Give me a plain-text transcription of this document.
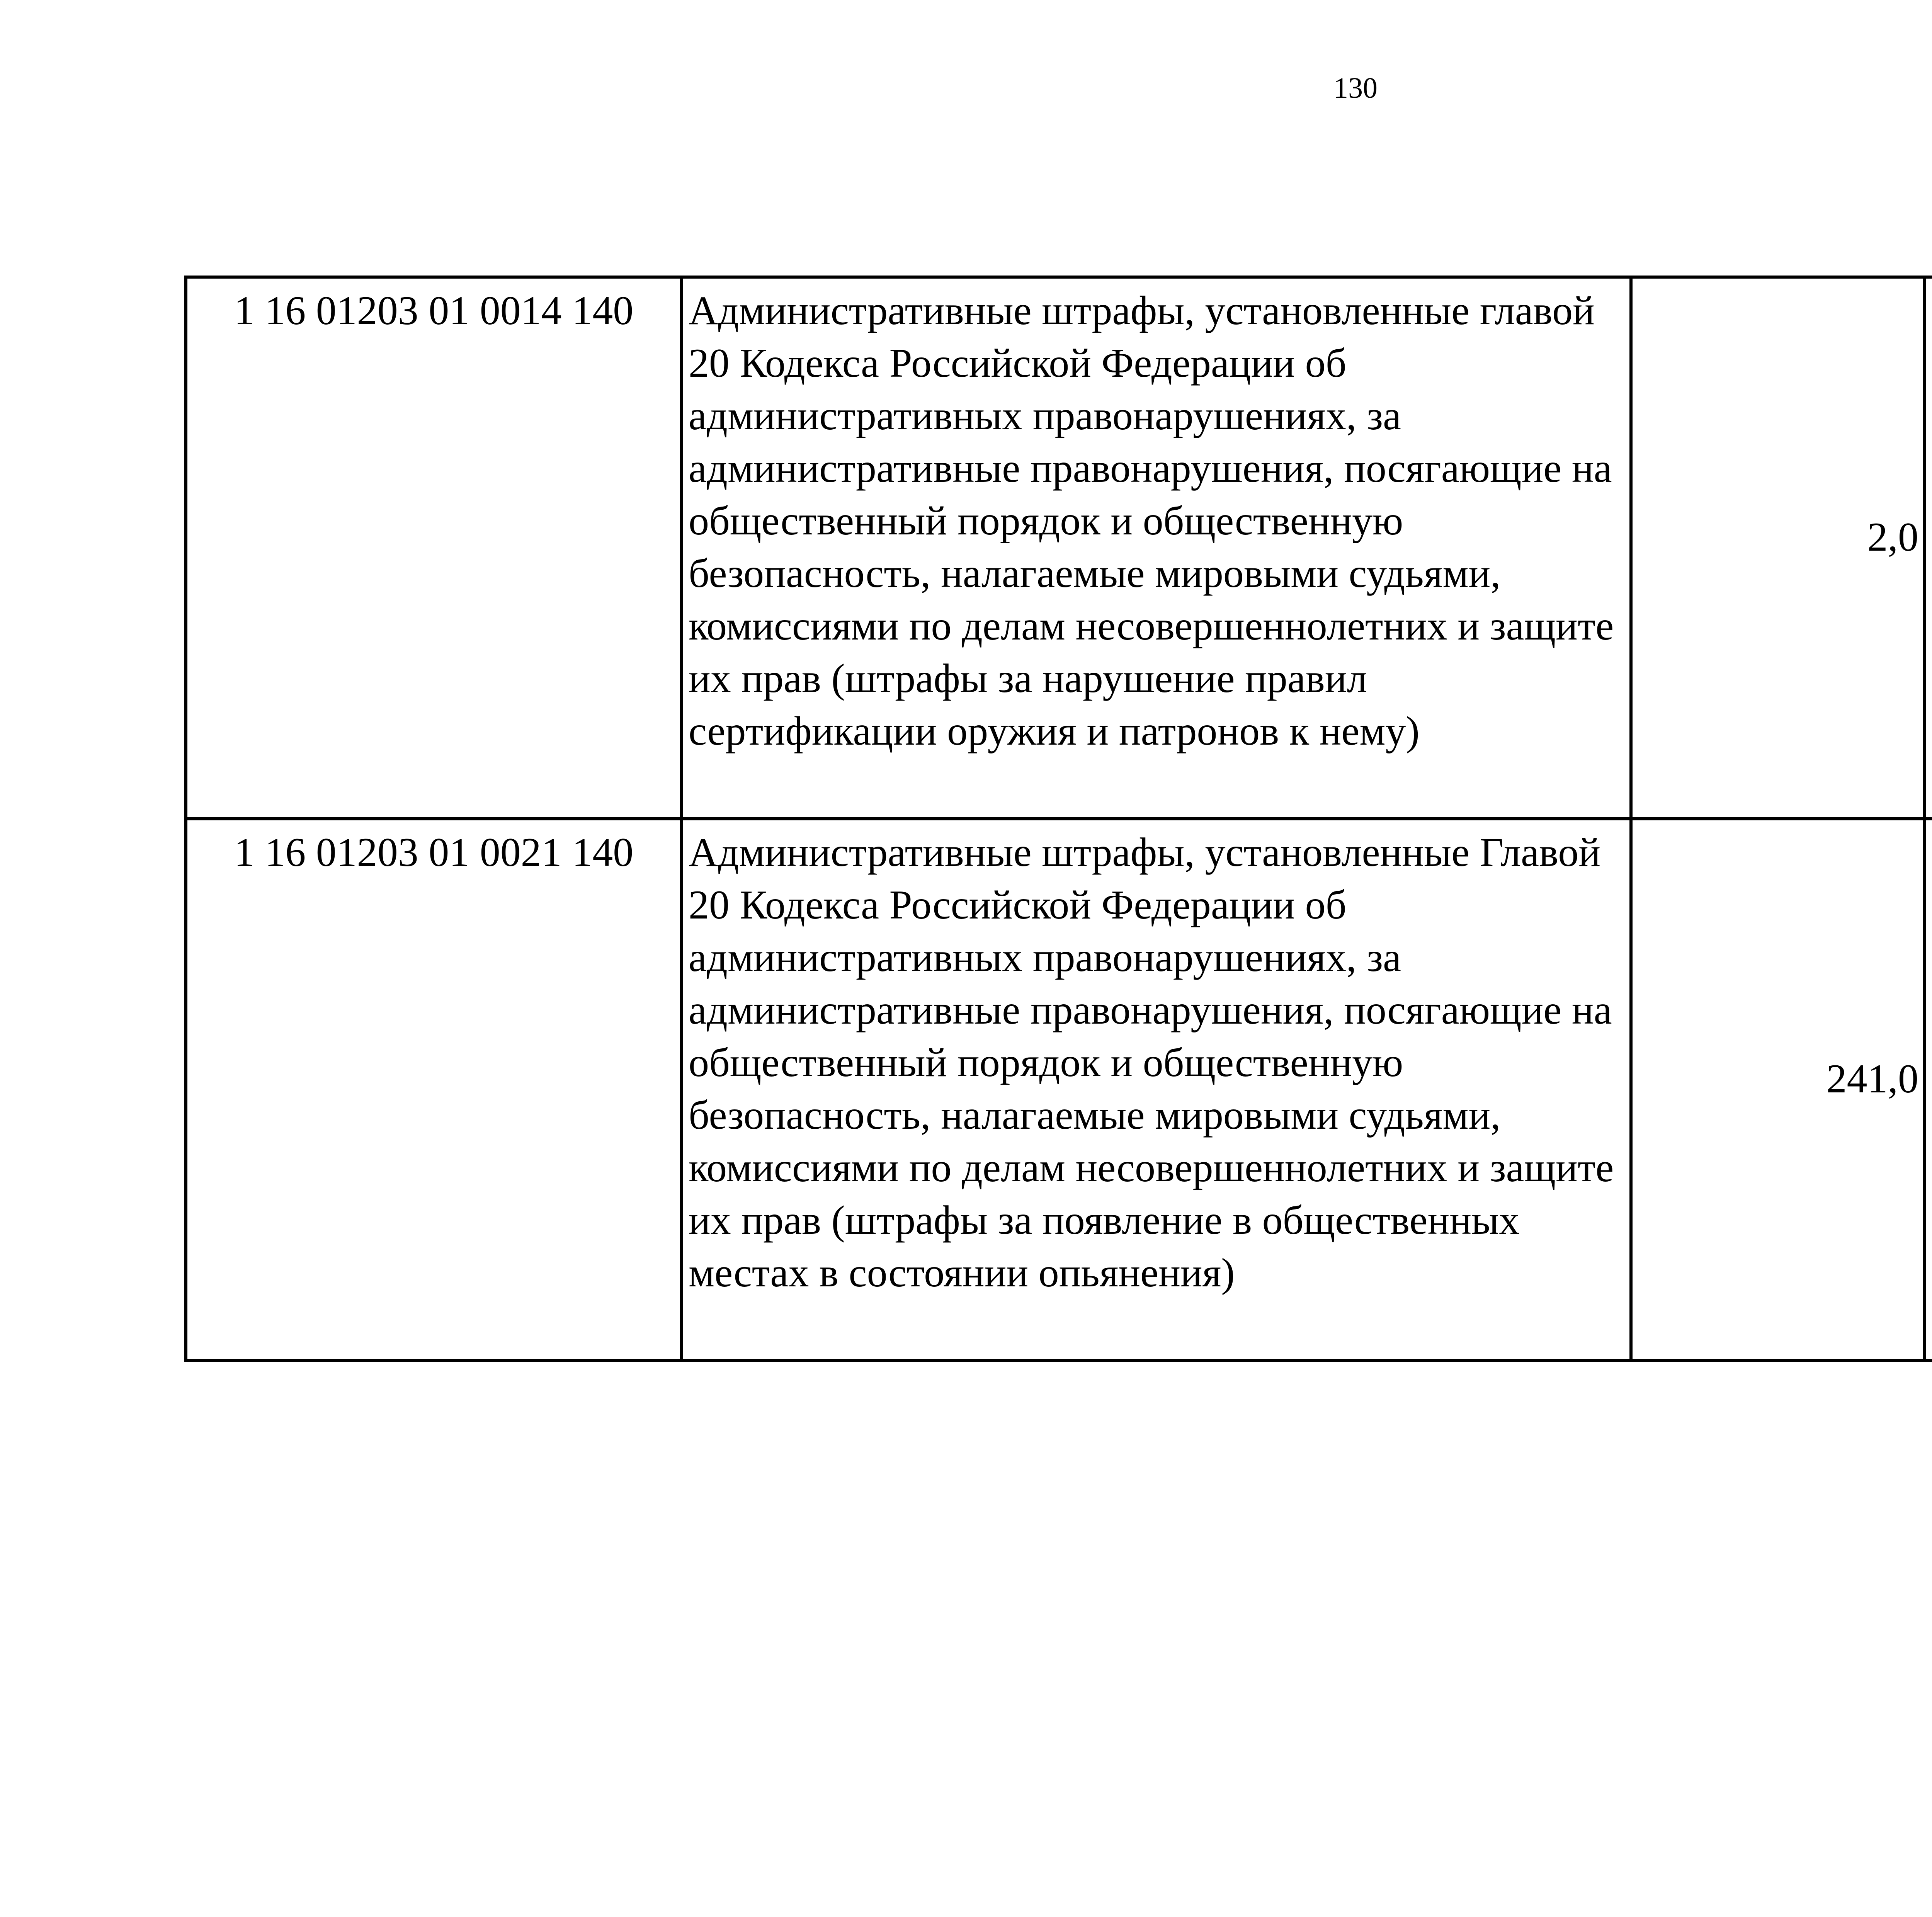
130
1 16 01203 01 0014 140	Административные штрафы, установленные главой 20 Кодекса Российской Федерации об административных правонарушениях, за административные правонарушения, посягающие на общественный порядок и общественную безопасность, налагаемые мировыми судьями, комиссиями по делам несовершеннолетних и защите их прав (штрафы за нарушение правил сертификации оружия и патронов к нему)	2,0		
1 16 01203 01 0021 140	Административные штрафы, установленные Главой 20 Кодекса Российской Федерации об административных правонарушениях, за административные правонарушения, посягающие на общественный порядок и общественную безопасность, налагаемые мировыми судьями, комиссиями по делам несовершеннолетних и защите их прав (штрафы за появление в общественных местах в состоянии опьянения)	241,0		
